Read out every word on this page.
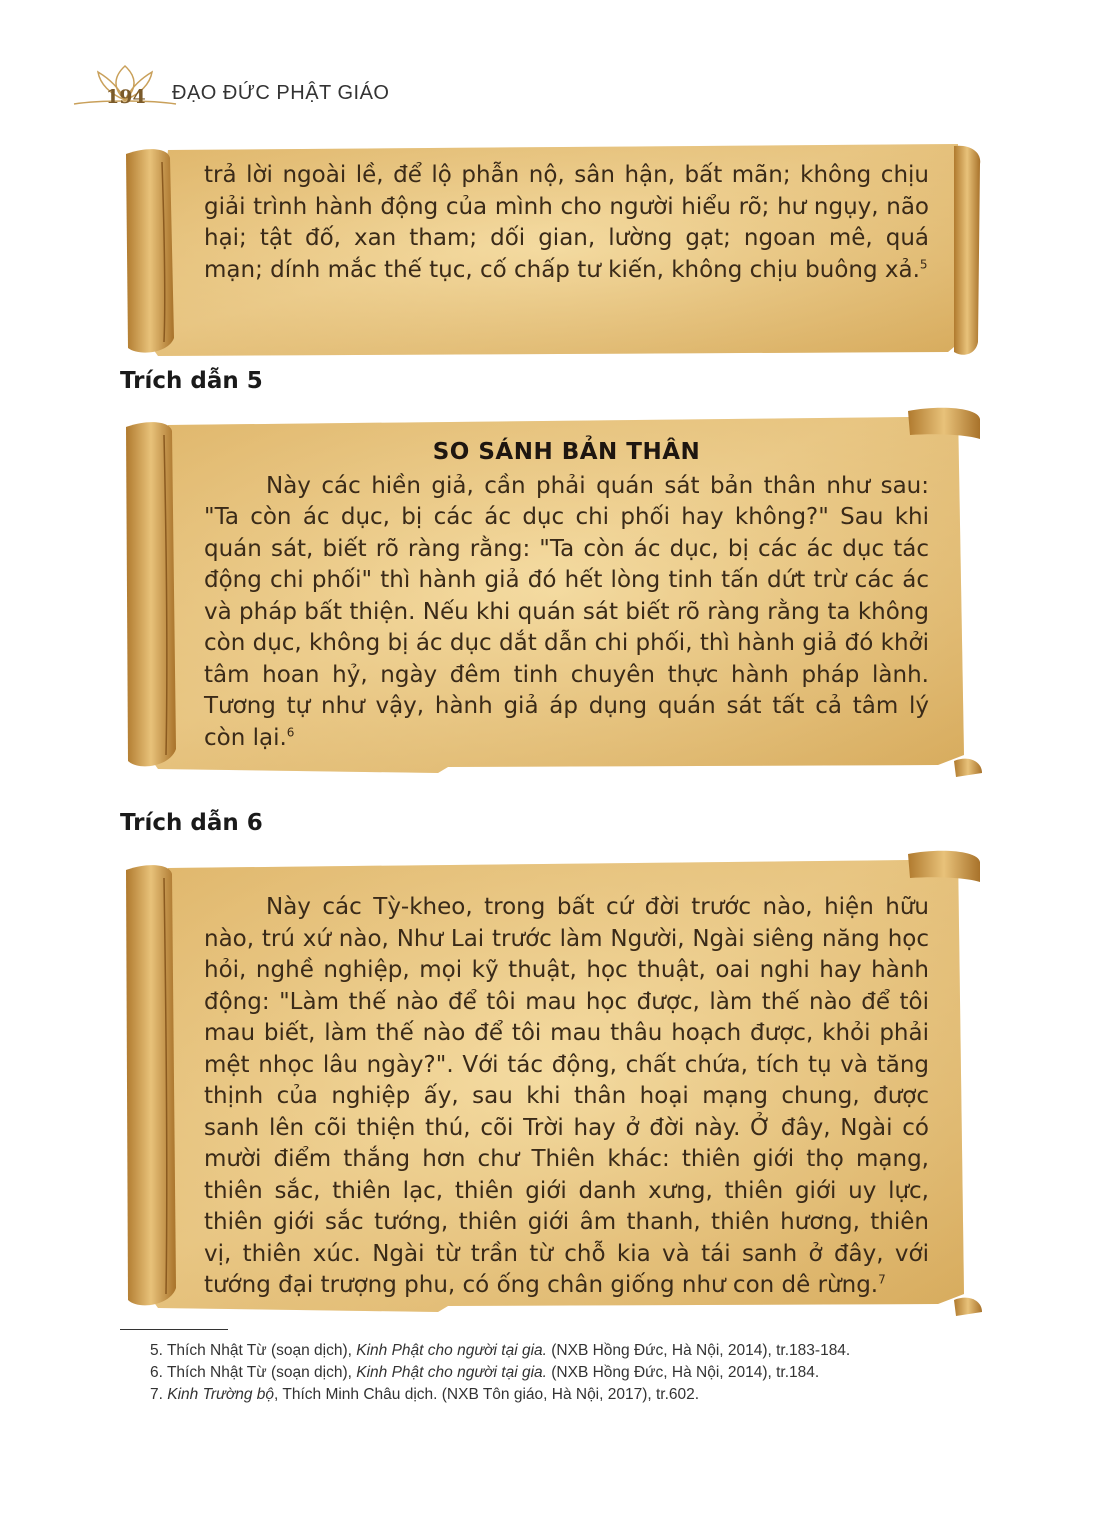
194 ĐẠO ĐỨC PHẬT GIÁO

trả lời ngoài lề, để lộ phẫn nộ, sân hận, bất mãn; không chịu giải trình hành động của mình cho người hiểu rõ; hư ngụy, não hại; tật đố, xan tham; dối gian, lường gạt; ngoan mê, quá mạn; dính mắc thế tục, cố chấp tư kiến, không chịu buông xả.$^5$

Trích dẫn 5
SO SÁNH BẢN THÂN

Này các hiền giả, cần phải quán sát bản thân như sau: "Ta còn ác dục, bị các ác dục chi phối hay không?" Sau khi quán sát, biết rõ ràng rằng: "Ta còn ác dục, bị các ác dục tác động chi phối" thì hành giả đó hết lòng tinh tấn dứt trừ các ác và pháp bất thiện. Nếu khi quán sát biết rõ ràng rằng ta không còn dục, không bị ác dục dắt dẫn chi phối, thì hành giả đó khởi tâm hoan hỷ, ngày đêm tinh chuyên thực hành pháp lành. Tương tự như vậy, hành giả áp dụng quán sát tất cả tâm lý còn lại.$^6$

Trích dẫn 6

Này các Tỳ-kheo, trong bất cứ đời trước nào, hiện hữu nào, trú xứ nào, Như Lai trước làm Người, Ngài siêng năng học hỏi, nghề nghiệp, mọi kỹ thuật, học thuật, oai nghi hay hành động: "Làm thế nào để tôi mau học được, làm thế nào để tôi mau biết, làm thế nào để tôi mau thâu hoạch được, khỏi phải mệt nhọc lâu ngày?". Với tác động, chất chứa, tích tụ và tăng thịnh của nghiệp ấy, sau khi thân hoại mạng chung, được sanh lên cõi thiện thú, cõi Trời hay ở đời này. Ở đây, Ngài có mười điểm thắng hơn chư Thiên khác: thiên giới thọ mạng, thiên sắc, thiên lạc, thiên giới danh xưng, thiên giới uy lực, thiên giới sắc tướng, thiên giới âm thanh, thiên hương, thiên vị, thiên xúc. Ngài từ trần từ chỗ kia và tái sanh ở đây, với tướng đại trượng phu, có ống chân giống như con dê rừng.$^7$

5. Thích Nhật Từ (soạn dịch), Kinh Phật cho người tại gia. (NXB Hồng Đức, Hà Nội, 2014), tr.183-184.
6. Thích Nhật Từ (soạn dịch), Kinh Phật cho người tại gia. (NXB Hồng Đức, Hà Nội, 2014), tr.184.
7. Kinh Trường bộ, Thích Minh Châu dịch. (NXB Tôn giáo, Hà Nội, 2017), tr.602.
